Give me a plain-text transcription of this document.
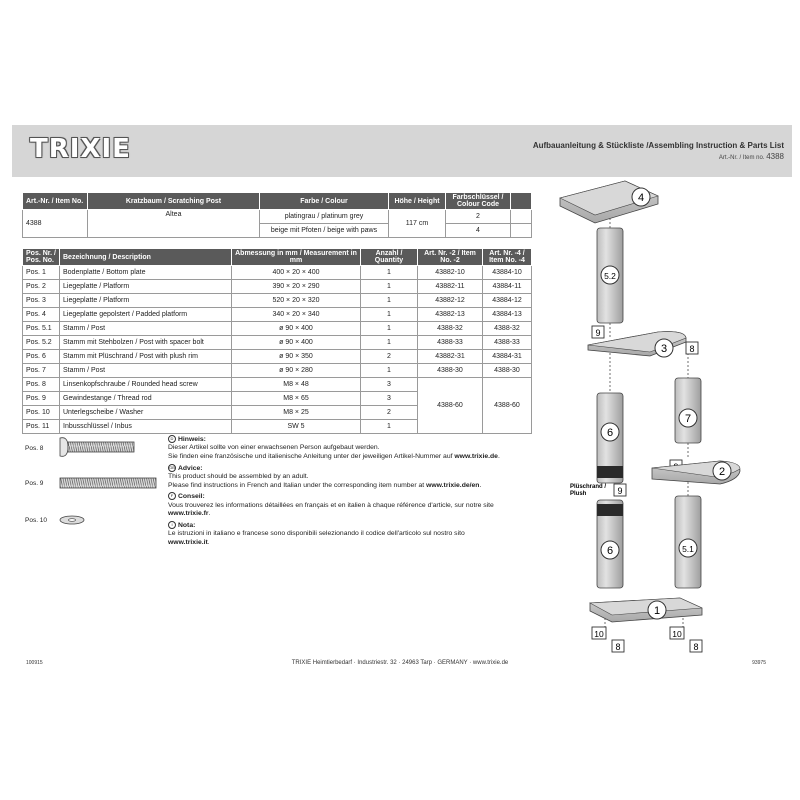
TRIXIE	Aufbauanleitung & Stückliste /Assembling Instruction & Parts List
Art.-Nr. / Item no. 4388
Art.-Nr. / Item No.	Kratzbaum / Scratching Post	Farbe / Colour	Höhe / Height	Farbschlüssel / Colour Code	
4388	Altea	platingrau / platinum grey	117 cm	2	
		beige mit Pfoten / beige with paws		4	
Pos. Nr. / Pos. No.	Bezeichnung / Description	Abmessung in mm / Measurement in mm	Anzahl / Quantity	Art. Nr. -2 / Item No. -2	Art. Nr. -4 / Item No. -4
Pos. 1	Bodenplatte / Bottom plate	400 × 20 × 400	1	43882-10	43884-10
Pos. 2	Liegeplatte / Platform	390 × 20 × 290	1	43882-11	43884-11
Pos. 3	Liegeplatte / Platform	520 × 20 × 320	1	43882-12	43884-12
Pos. 4	Liegeplatte gepolstert / Padded platform	340 × 20 × 340	1	43882-13	43884-13
Pos. 5.1	Stamm / Post	ø 90 × 400	1	4388-32	4388-32
Pos. 5.2	Stamm mit Stehbolzen / Post with spacer bolt	ø 90 × 400	1	4388-33	4388-33
Pos. 6	Stamm mit Plüschrand / Post with plush rim	ø 90 × 350	2	43882-31	43884-31
Pos. 7	Stamm / Post	ø 90 × 280	1	4388-30	4388-30
Pos. 8	Linsenkopfschraube / Rounded head screw	M8 × 48	3	4388-60	4388-60
Pos. 9	Gewindestange / Thread rod	M8 × 65	3		
Pos. 10	Unterlegscheibe / Washer	M8 × 25	2		
Pos. 11	Inbusschlüssel / Inbus	SW 5	1		
Pos. 8
Pos. 9
Pos. 10
D Hinweis:
Dieser Artikel sollte von einer erwachsenen Person aufgebaut werden.
Sie finden eine französische und italienische Anleitung unter der jeweiligen Artikel-Nummer auf www.trixie.de.
GB Advice:
This product should be assembled by an adult.
Please find instructions in French and Italian under the corresponding item number at www.trixie.de/en.
F Conseil:
Vous trouverez les informations détaillées en français et en italien à chaque référence d'article, sur notre site
www.trixie.fr.
I Nota:
Le istruzioni in italiano e francese sono disponibili selezionando il codice dell'articolo sul nostro sito
www.trixie.it.
4
5.2
9
3 8
7
6
2
Plüschrand /
Plush	9
6	5.1
1
10
8
10
8
100915	TRIXIE Heimtierbedarf · Industriestr. 32 · 24963 Tarp · GERMANY · www.trixie.de	93975
